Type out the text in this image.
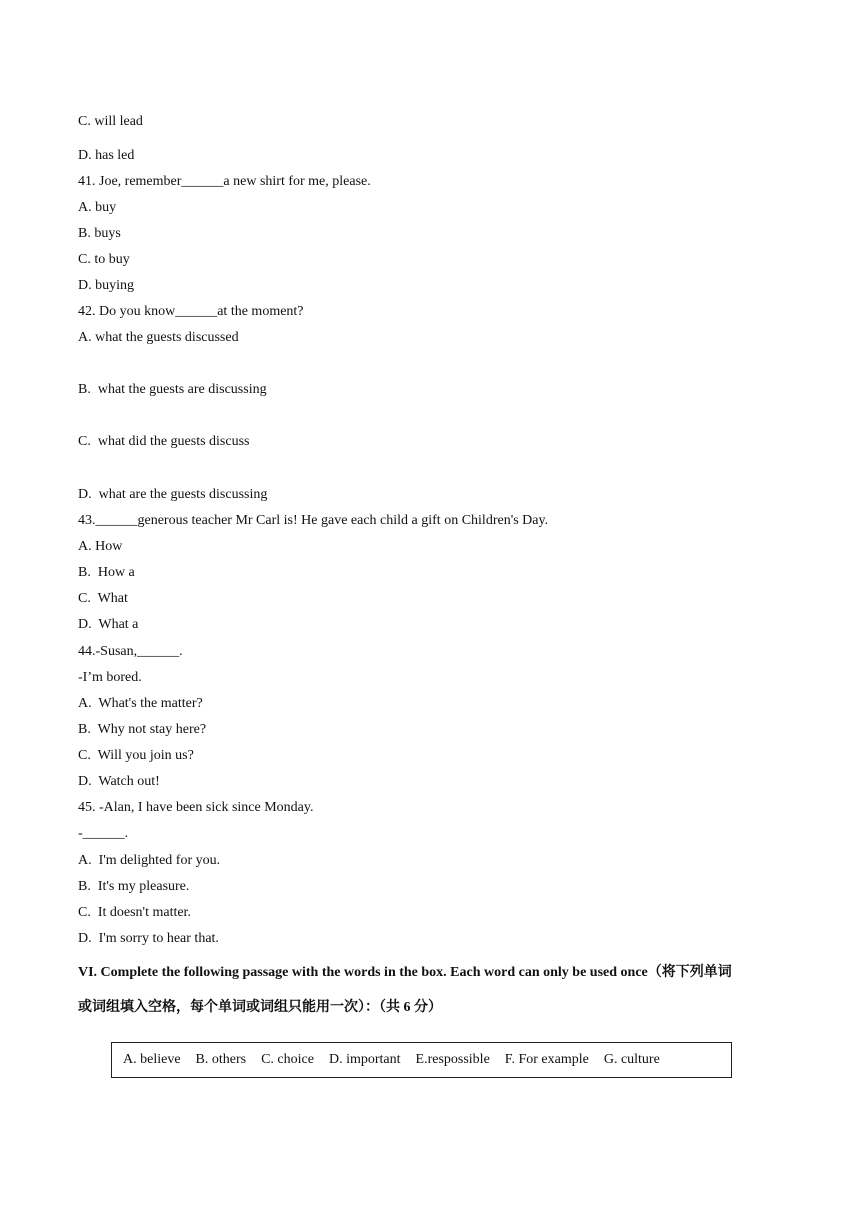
C. will lead
D. has led
41. Joe, remember______a new shirt for me, please.
A. buy
B. buys
C. to buy
D. buying
42. Do you know______at the moment?
A. what the guests discussed
B.  what the guests are discussing
C.  what did the guests discuss
D.  what are the guests discussing
43.______generous teacher Mr Carl is! He gave each child a gift on Children's Day.
A. How
B.  How a
C.  What
D.  What a
44.-Susan,______.
-I’m bored.
A.  What's the matter?
B.  Why not stay here?
C.  Will you join us?
D.  Watch out!
45. -Alan, I have been sick since Monday.
-______.
A.  I'm delighted for you.
B.  It's my pleasure.
C.  It doesn't matter.
D.  I'm sorry to hear that.
VI. Complete the following passage with the words in the box. Each word can only be used once（将下列单词
或词组填入空格，每个单词或词组只能用一次）：（共 6 分）
A. believe B. others C. choice D. important E.respossible F. For example G. culture
